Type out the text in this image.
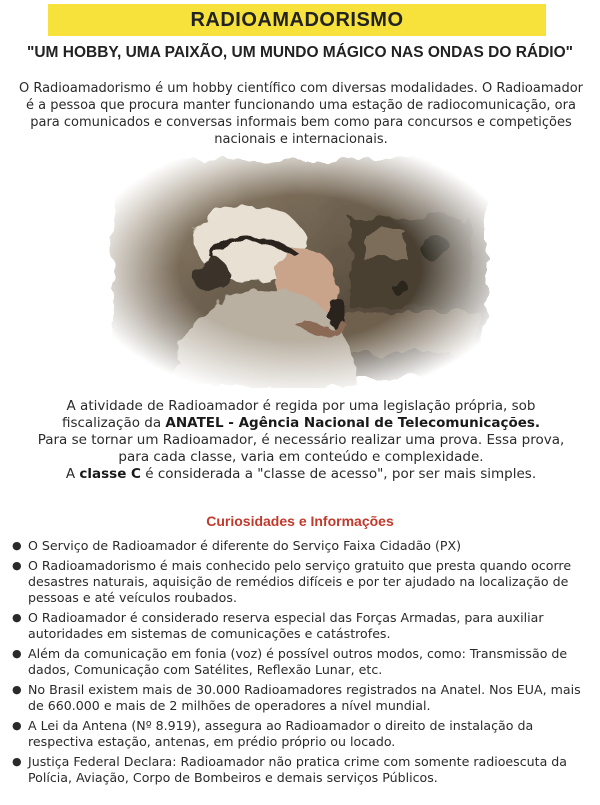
RADIOAMADORISMO
"UM HOBBY, UMA PAIXÃO, UM MUNDO MÁGICO NAS ONDAS DO RÁDIO"

O Radioamadorismo é um hobby científico com diversas modalidades. O Radioamador é a pessoa que procura manter funcionando uma estação de radiocomunicação, ora para comunicados e conversas informais bem como para concursos e competições nacionais e internacionais.

A atividade de Radioamador é regida por uma legislação própria, sob
fiscalização da ANATEL - Agência Nacional de Telecomunicações.
Para se tornar um Radioamador, é necessário realizar uma prova. Essa prova,
para cada classe, varia em conteúdo e complexidade.
A classe C é considerada a "classe de acesso", por ser mais simples.
Curiosidades e Informações
● O Serviço de Radioamador é diferente do Serviço Faixa Cidadão (PX)
● O Radioamadorismo é mais conhecido pelo serviço gratuito que presta quando ocorre desastres naturais, aquisição de remédios difíceis e por ter ajudado na localização de pessoas e até veículos roubados.
● O Radioamador é considerado reserva especial das Forças Armadas, para auxiliar autoridades em sistemas de comunicações e catástrofes.
● Além da comunicação em fonia (voz) é possível outros modos, como: Transmissão de dados, Comunicação com Satélites, Reflexão Lunar, etc.
● No Brasil existem mais de 30.000 Radioamadores registrados na Anatel. Nos EUA, mais de 660.000 e mais de 2 milhões de operadores a nível mundial.
● A Lei da Antena (Nº 8.919), assegura ao Radioamador o direito de instalação da respectiva estação, antenas, em prédio próprio ou locado.
● Justiça Federal Declara: Radioamador não pratica crime com somente radioescuta da Polícia, Aviação, Corpo de Bombeiros e demais serviços Públicos.
